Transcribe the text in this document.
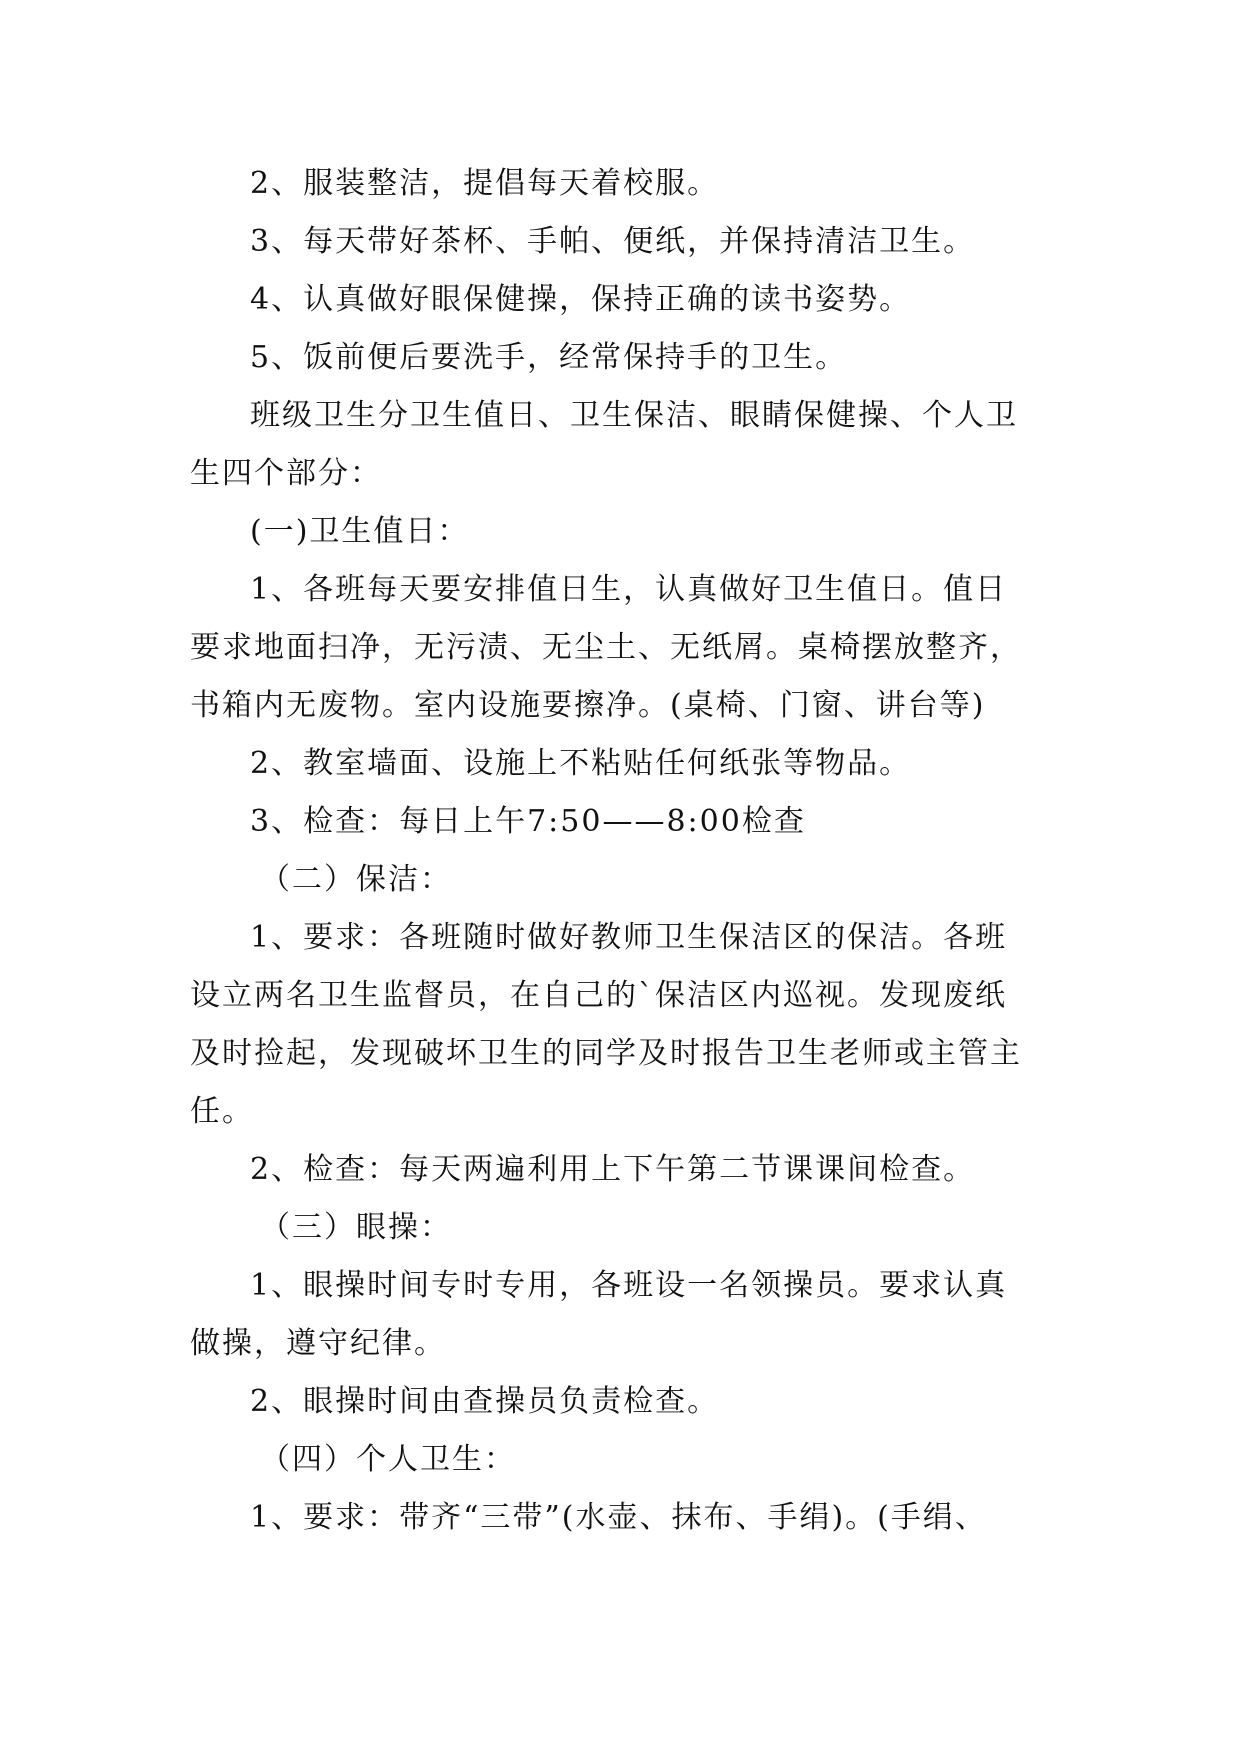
2、服装整洁，提倡每天着校服。

3、每天带好茶杯、手帕、便纸，并保持清洁卫生。

4、认真做好眼保健操，保持正确的读书姿势。

5、饭前便后要洗手，经常保持手的卫生。

班级卫生分卫生值日、卫生保洁、眼睛保健操、个人卫

生四个部分：

(一)卫生值日：

1、各班每天要安排值日生，认真做好卫生值日。值日

要求地面扫净，无污渍、无尘土、无纸屑。桌椅摆放整齐，

书箱内无废物。室内设施要擦净。(桌椅、门窗、讲台等)

2、教室墙面、设施上不粘贴任何纸张等物品。

3、检查：每日上午7:50——8:00检查

（二）保洁：

1、要求：各班随时做好教师卫生保洁区的保洁。各班

设立两名卫生监督员，在自己的`保洁区内巡视。发现废纸

及时捡起，发现破坏卫生的同学及时报告卫生老师或主管主

任。

2、检查：每天两遍利用上下午第二节课课间检查。

（三）眼操：

1、眼操时间专时专用，各班设一名领操员。要求认真

做操，遵守纪律。

2、眼操时间由查操员负责检查。

（四）个人卫生：

1、要求：带齐“三带”(水壶、抹布、手绢)。(手绢、
